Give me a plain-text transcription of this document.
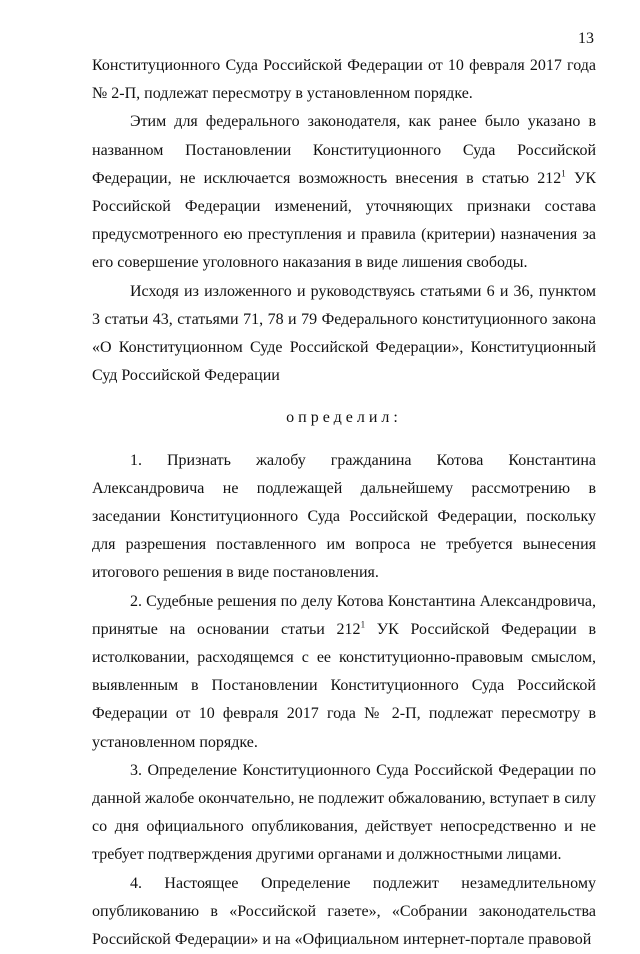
13

Конституционного Суда Российской Федерации от 10 февраля 2017 года № 2-П, подлежат пересмотру в установленном порядке.

Этим для федерального законодателя, как ранее было указано в названном Постановлении Конституционного Суда Российской Федерации, не исключается возможность внесения в статью $212^1$ УК Российской Федерации изменений, уточняющих признаки состава предусмотренного ею преступления и правила (критерии) назначения за его совершение уголовного наказания в виде лишения свободы.

Исходя из изложенного и руководствуясь статьями 6 и 36, пунктом 3 статьи 43, статьями 71, 78 и 79 Федерального конституционного закона «О Конституционном Суде Российской Федерации», Конституционный Суд Российской Федерации

определил:

1. Признать жалобу гражданина Котова Константина Александровича не подлежащей дальнейшему рассмотрению в заседании Конституционного Суда Российской Федерации, поскольку для разрешения поставленного им вопроса не требуется вынесения итогового решения в виде постановления.

2. Судебные решения по делу Котова Константина Александровича, принятые на основании статьи $212^1$ УК Российской Федерации в истолковании, расходящемся с ее конституционно-правовым смыслом, выявленным в Постановлении Конституционного Суда Российской Федерации от 10 февраля 2017 года № 2-П, подлежат пересмотру в установленном порядке.

3. Определение Конституционного Суда Российской Федерации по данной жалобе окончательно, не подлежит обжалованию, вступает в силу со дня официального опубликования, действует непосредственно и не требует подтверждения другими органами и должностными лицами.

4. Настоящее Определение подлежит незамедлительному опубликованию в «Российской газете», «Собрании законодательства Российской Федерации» и на «Официальном интернет-портале правовой
